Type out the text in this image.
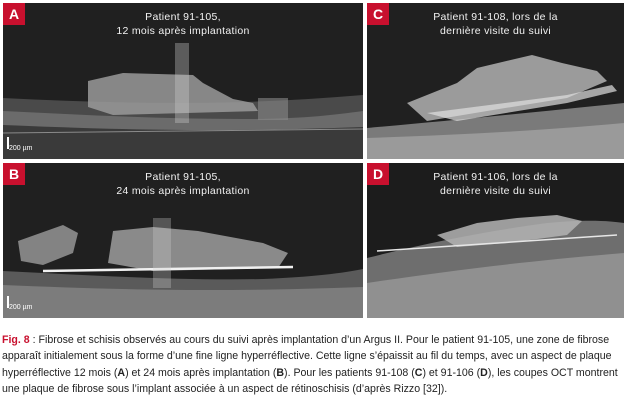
A	Patient 91-105,
12 mois après implantation
200 µm
C	Patient 91-108, lors de la
dernière visite du suivi
B	Patient 91-105,
24 mois après implantation
200 µm
D	Patient 91-106, lors de la
dernière visite du suivi
Fig. 8 : Fibrose et schisis observés au cours du suivi après implantation d’un Argus II. Pour le patient 91-105, une zone de fibrose apparaît initialement sous la forme d’une fine ligne hyperréflective. Cette ligne s’épaissit au fil du temps, avec un aspect de plaque hyperréflective 12 mois (A) et 24 mois après implantation (B). Pour les patients 91-108 (C) et 91-106 (D), les coupes OCT montrent une plaque de fibrose sous l’implant associée à un aspect de rétinoschisis (d’après Rizzo [32]).
